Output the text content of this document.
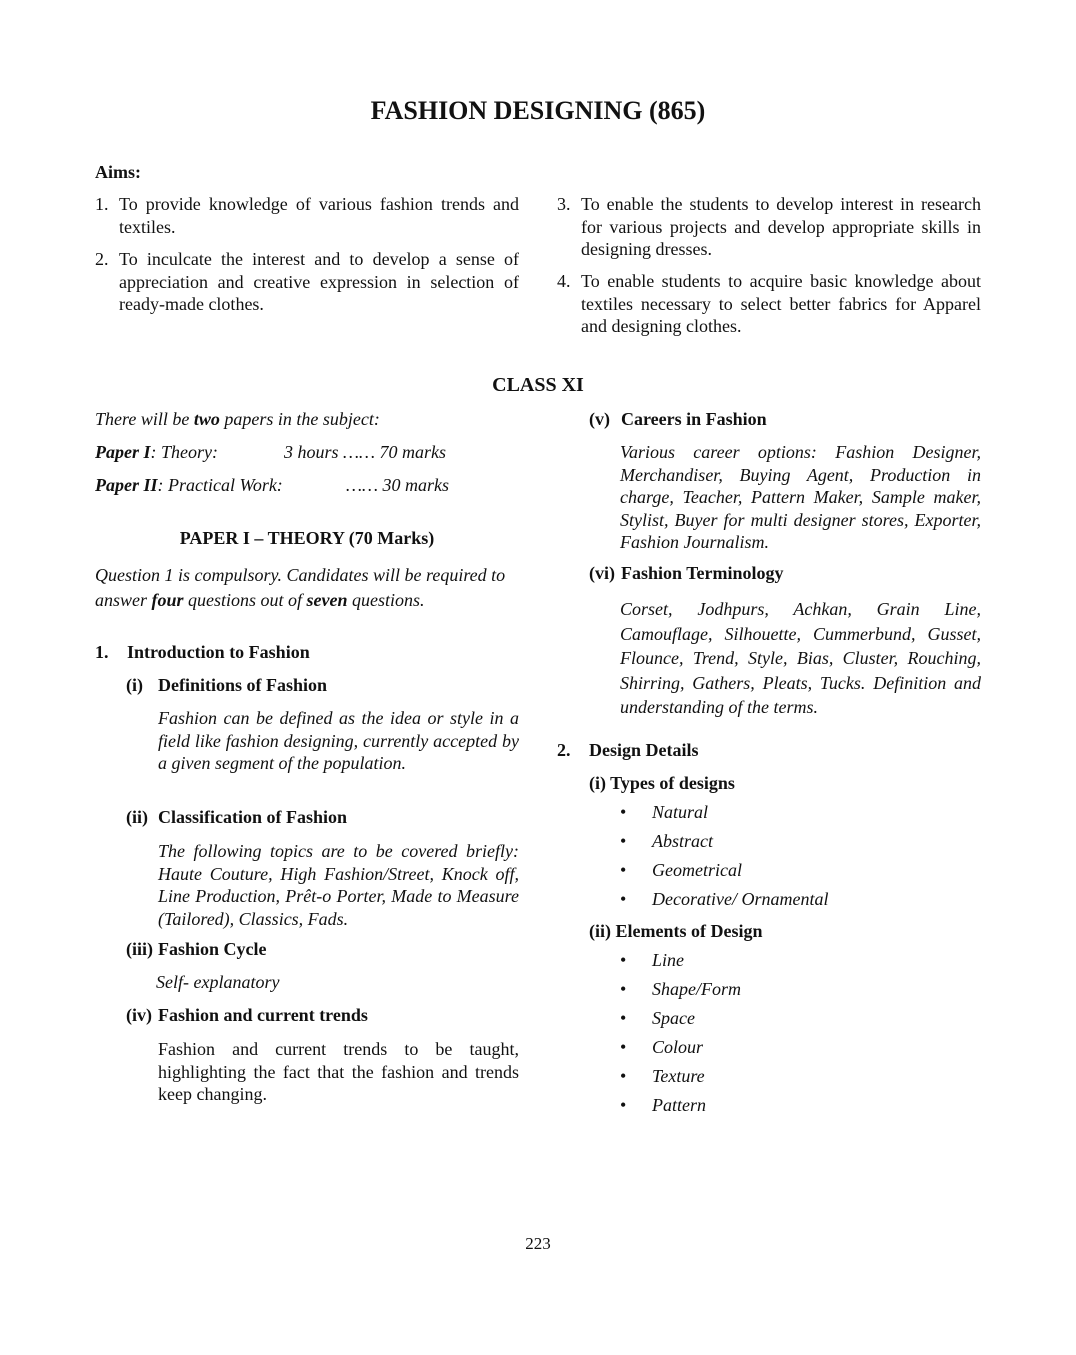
FASHION DESIGNING (865)
Aims:
1. To provide knowledge of various fashion trends and textiles.
2. To inculcate the interest and to develop a sense of appreciation and creative expression in selection of ready-made clothes.
3. To enable the students to develop interest in research for various projects and develop appropriate skills in designing dresses.
4. To enable students to acquire basic knowledge about textiles necessary to select better fabrics for Apparel and designing clothes.
CLASS XI
There will be two papers in the subject:
Paper I: Theory:	3 hours …… 70 marks
Paper II: Practical Work:	…… 30 marks
PAPER I – THEORY (70 Marks)
Question 1 is compulsory. Candidates will be required to answer four questions out of seven questions.
1. Introduction to Fashion
(i) Definitions of Fashion
Fashion can be defined as the idea or style in a field like fashion designing, currently accepted by a given segment of the population.
(ii) Classification of Fashion
The following topics are to be covered briefly: Haute Couture, High Fashion/Street, Knock off, Line Production, Prêt-o Porter, Made to Measure (Tailored), Classics, Fads.
(iii) Fashion Cycle
Self- explanatory
(iv) Fashion and current trends
Fashion and current trends to be taught, highlighting the fact that the fashion and trends keep changing.
(v) Careers in Fashion
Various career options: Fashion Designer, Merchandiser, Buying Agent, Production in charge, Teacher, Pattern Maker, Sample maker, Stylist, Buyer for multi designer stores, Exporter, Fashion Journalism.
(vi) Fashion Terminology
Corset, Jodhpurs, Achkan, Grain Line, Camouflage, Silhouette, Cummerbund, Gusset, Flounce, Trend, Style, Bias, Cluster, Rouching, Shirring, Gathers, Pleats, Tucks. Definition and understanding of the terms.
2. Design Details
(i) Types of designs
•	Natural
•	Abstract
•	Geometrical
•	Decorative/ Ornamental
(ii) Elements of Design
•	Line
•	Shape/Form
•	Space
•	Colour
•	Texture
•	Pattern
223
